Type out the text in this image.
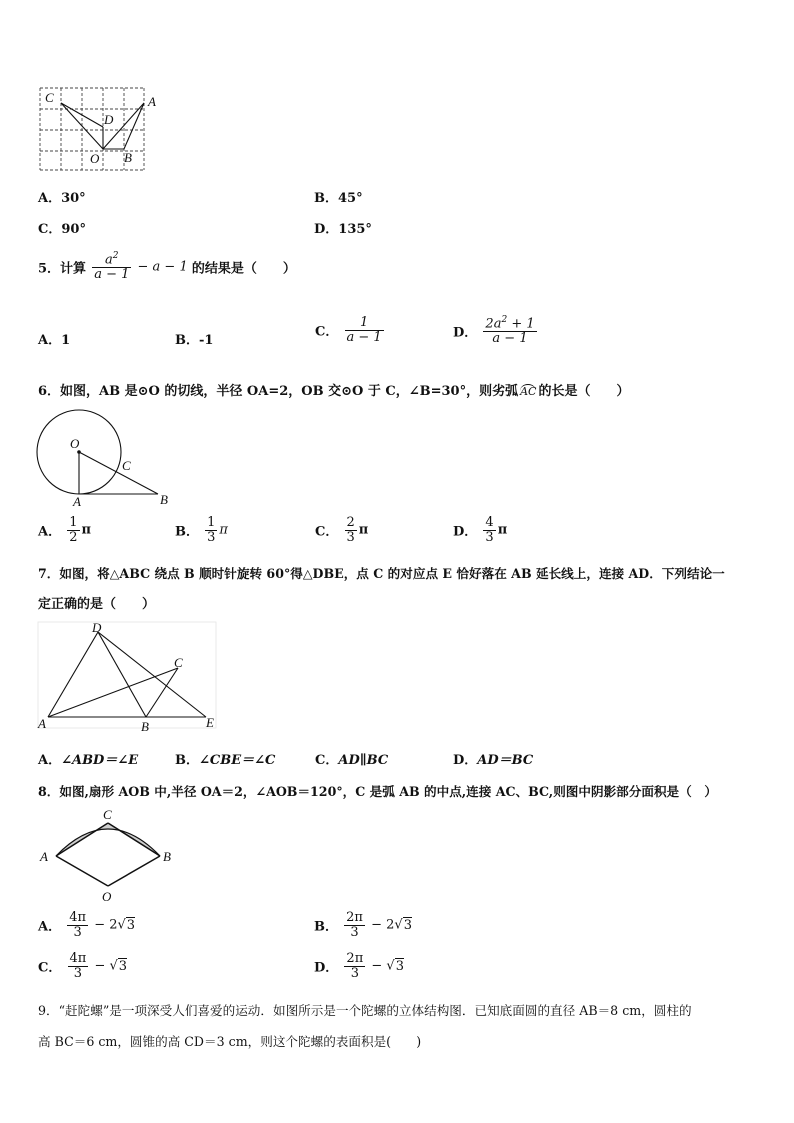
C	A
D
O B
A．30°	B．45°
C．90°	D．135°
5．计算 $\frac{a^2}{a - 1} - a - 1$ 的结果是（　　）
A．1	B．-1
C． $\frac{1}{a - 1}$	D． $\frac{2a^2 + 1}{a - 1}$
6．如图，AB 是⊙O 的切线，半径 OA=2，OB 交⊙O 于 C，∠B=30°，则劣弧 AC 的长是（　　）
O
C
A	B
A． $\frac{1}{2}$ π	B． $\frac{1}{3}$ π	C． $\frac{2}{3}$ π	D． $\frac{4}{3}$ π
7．如图，将△ABC 绕点 B 顺时针旋转 60°得△DBE，点 C 的对应点 E 恰好落在 AB 延长线上，连接 AD．下列结论一
定正确的是（　　）
D
C
A	B	E
A．∠ABD＝∠E	B．∠CBE＝∠C	C．AD∥BC	D．AD＝BC
8．如图,扇形 AOB 中,半径 OA＝2，∠AOB＝120°，C 是弧 AB 的中点,连接 AC、BC,则图中阴影部分面积是（　）
C
A	B
O
A． $\frac{4\pi}{3} - 2√3$	B． $\frac{2\pi}{3} - 2√3$
C． $\frac{4\pi}{3} - √3$	D． $\frac{2\pi}{3} - √3$
9．“赶陀螺”是一项深受人们喜爱的运动．如图所示是一个陀螺的立体结构图．已知底面圆的直径 AB＝8 cm，圆柱的
高 BC＝6 cm，圆锥的高 CD＝3 cm，则这个陀螺的表面积是(　　)
